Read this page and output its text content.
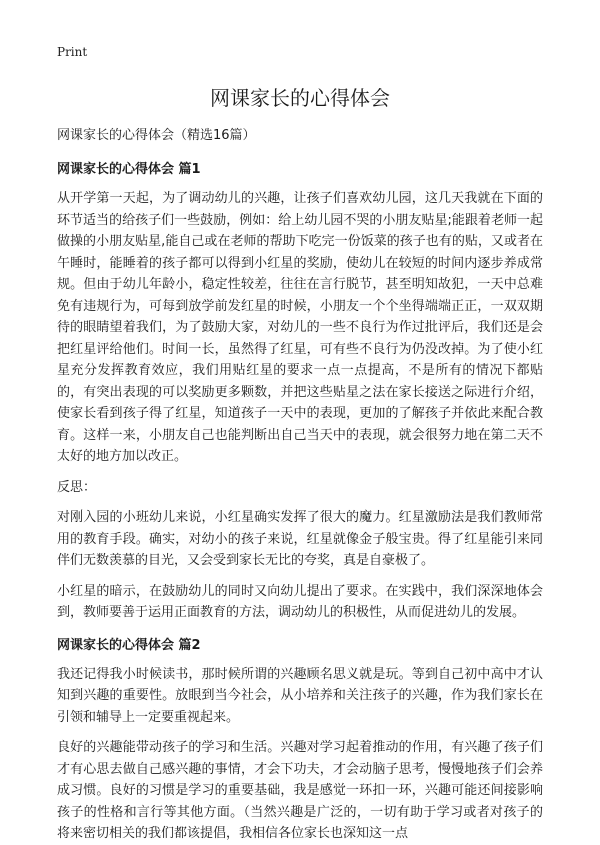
Print
网课家长的心得体会
网课家长的心得体会（精选16篇）
网课家长的心得体会 篇1

从开学第一天起，为了调动幼儿的兴趣，让孩子们喜欢幼儿园，这几天我就在下面的环节适当的给孩子们一些鼓励，例如：给上幼儿园不哭的小朋友贴星;能跟着老师一起做操的小朋友贴星,能自己或在老师的帮助下吃完一份饭菜的孩子也有的贴，又或者在午睡时，能睡着的孩子都可以得到小红星的奖励，使幼儿在较短的时间内逐步养成常规。但由于幼儿年龄小，稳定性较差，往往在言行脱节，甚至明知故犯，一天中总难免有违规行为，可每到放学前发红星的时候，小朋友一个个坐得端端正正，一双双期待的眼睛望着我们，为了鼓励大家，对幼儿的一些不良行为作过批评后，我们还是会把红星评给他们。时间一长，虽然得了红星，可有些不良行为仍没改掉。为了使小红星充分发挥教育效应，我们用贴红星的要求一点一点提高，不是所有的情况下都贴的，有突出表现的可以奖励更多颗数，并把这些贴星之法在家长接送之际进行介绍，使家长看到孩子得了红星，知道孩子一天中的表现，更加的了解孩子并依此来配合教育。这样一来，小朋友自己也能判断出自己当天中的表现，就会很努力地在第二天不太好的地方加以改正。

反思：

对刚入园的小班幼儿来说，小红星确实发挥了很大的魔力。红星激励法是我们教师常用的教育手段。确实，对幼小的孩子来说，红星就像金子般宝贵。得了红星能引来同伴们无数羡慕的目光，又会受到家长无比的夸奖，真是自豪极了。

小红星的暗示，在鼓励幼儿的同时又向幼儿提出了要求。在实践中，我们深深地体会到，教师要善于运用正面教育的方法，调动幼儿的积极性，从而促进幼儿的发展。

网课家长的心得体会 篇2

我还记得我小时候读书，那时候所谓的兴趣顾名思义就是玩。等到自己初中高中才认知到兴趣的重要性。放眼到当今社会，从小培养和关注孩子的兴趣，作为我们家长在引领和辅导上一定要重视起来。

良好的兴趣能带动孩子的学习和生活。兴趣对学习起着推动的作用，有兴趣了孩子们才有心思去做自己感兴趣的事情，才会下功夫，才会动脑子思考，慢慢地孩子们会养成习惯。良好的习惯是学习的重要基础，我是感觉一环扣一环，兴趣可能还间接影响孩子的性格和言行等其他方面。（当然兴趣是广泛的，一切有助于学习或者对孩子的将来密切相关的我们都该提倡，我相信各位家长也深知这一点
